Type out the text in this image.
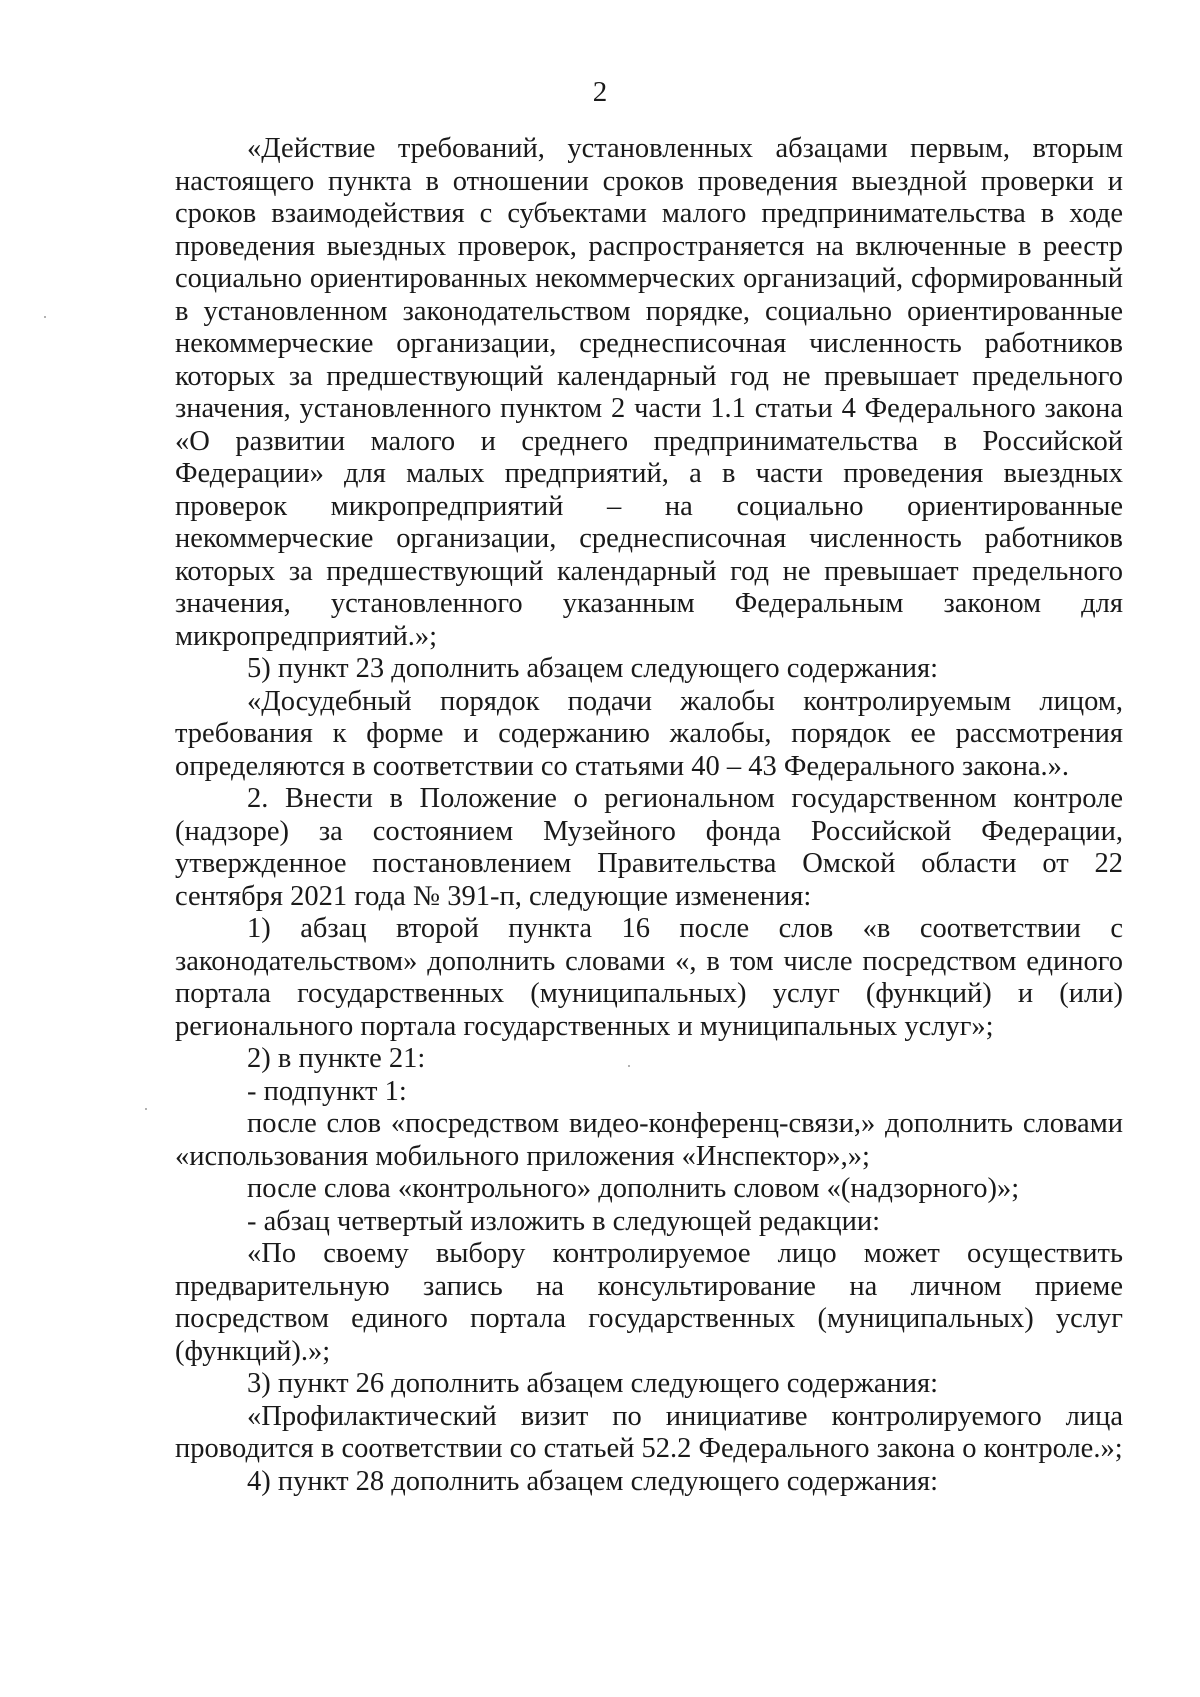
2

«Действие требований, установленных абзацами первым, вторым настоящего пункта в отношении сроков проведения выездной проверки и сроков взаимодействия с субъектами малого предпринимательства в ходе проведения выездных проверок, распространяется на включенные в реестр социально ориентированных некоммерческих организаций, сформированный в установленном законодательством порядке, социально ориентированные некоммерческие организации, среднесписочная численность работников которых за предшествующий календарный год не превышает предельного значения, установленного пунктом 2 части 1.1 статьи 4 Федерального закона «О развитии малого и среднего предпринимательства в Российской Федерации» для малых предприятий, а в части проведения выездных проверок микропредприятий – на социально ориентированные некоммерческие организации, среднесписочная численность работников которых за предшествующий календарный год не превышает предельного значения, установленного указанным Федеральным законом для микропредприятий.»;

5) пункт 23 дополнить абзацем следующего содержания:

«Досудебный порядок подачи жалобы контролируемым лицом, требования к форме и содержанию жалобы, порядок ее рассмотрения определяются в соответствии со статьями 40 – 43 Федерального закона.».

2. Внести в Положение о региональном государственном контроле (надзоре) за состоянием Музейного фонда Российской Федерации, утвержденное постановлением Правительства Омской области от 22 сентября 2021 года № 391-п, следующие изменения:

1) абзац второй пункта 16 после слов «в соответствии с законодательством» дополнить словами «, в том числе посредством единого портала государственных (муниципальных) услуг (функций) и (или) регионального портала государственных и муниципальных услуг»;

2) в пункте 21:

- подпункт 1:

после слов «посредством видео-конференц-связи,» дополнить словами «использования мобильного приложения «Инспектор»,»;

после слова «контрольного» дополнить словом «(надзорного)»;

- абзац четвертый изложить в следующей редакции:

«По своему выбору контролируемое лицо может осуществить предварительную запись на консультирование на личном приеме посредством единого портала государственных (муниципальных) услуг (функций).»;

3) пункт 26 дополнить абзацем следующего содержания:

«Профилактический визит по инициативе контролируемого лица проводится в соответствии со статьей 52.2 Федерального закона о контроле.»;

4) пункт 28 дополнить абзацем следующего содержания:
